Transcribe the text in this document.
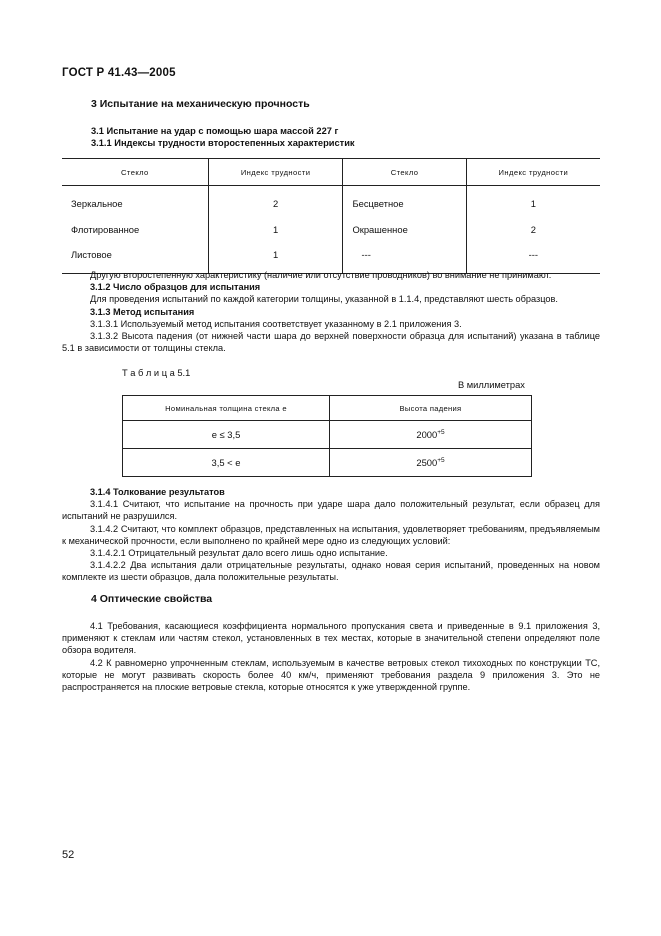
ГОСТ Р 41.43—2005
3 Испытание на механическую прочность
3.1 Испытание на удар с помощью шара массой 227 г
3.1.1 Индексы трудности второстепенных характеристик
Стекло	Индекс трудности	Стекло	Индекс трудности
Зеркальное	2	Бесцветное	1
Флотированное	1	Окрашенное	2
Листовое	1	---	---
Другую второстепенную характеристику (наличие или отсутствие проводников) во внимание не принимают.
3.1.2 Число образцов для испытания
Для проведения испытаний по каждой категории толщины, указанной в 1.1.4, представляют шесть образцов.
3.1.3 Метод испытания
3.1.3.1 Используемый метод испытания соответствует указанному в 2.1 приложения 3.
3.1.3.2 Высота падения (от нижней части шара до верхней поверхности образца для испытаний) указана в таблице 5.1 в зависимости от толщины стекла.
Т а б л и ц а 5.1
В миллиметрах
Номинальная толщина стекла e	Высота падения
e ≤ 3,5	$2000^{+5}$
3,5 < e	$2500^{+5}$
3.1.4 Толкование результатов
3.1.4.1 Считают, что испытание на прочность при ударе шара дало положительный результат, если образец для испытаний не разрушился.
3.1.4.2 Считают, что комплект образцов, представленных на испытания, удовлетворяет требованиям, предъявляемым к механической прочности, если выполнено по крайней мере одно из следующих условий:
3.1.4.2.1 Отрицательный результат дало всего лишь одно испытание.
3.1.4.2.2 Два испытания дали отрицательные результаты, однако новая серия испытаний, проведенных на новом комплекте из шести образцов, дала положительные результаты.
4 Оптические свойства
4.1 Требования, касающиеся коэффициента нормального пропускания света и приведенные в 9.1 приложения 3, применяют к стеклам или частям стекол, установленных в тех местах, которые в значительной степени определяют поле обзора водителя.
4.2 К равномерно упрочненным стеклам, используемым в качестве ветровых стекол тихоходных по конструкции ТС, которые не могут развивать скорость более 40 км/ч, применяют требования раздела 9 приложения 3. Это не распространяется на плоские ветровые стекла, которые относятся к уже утвержденной группе.
52
